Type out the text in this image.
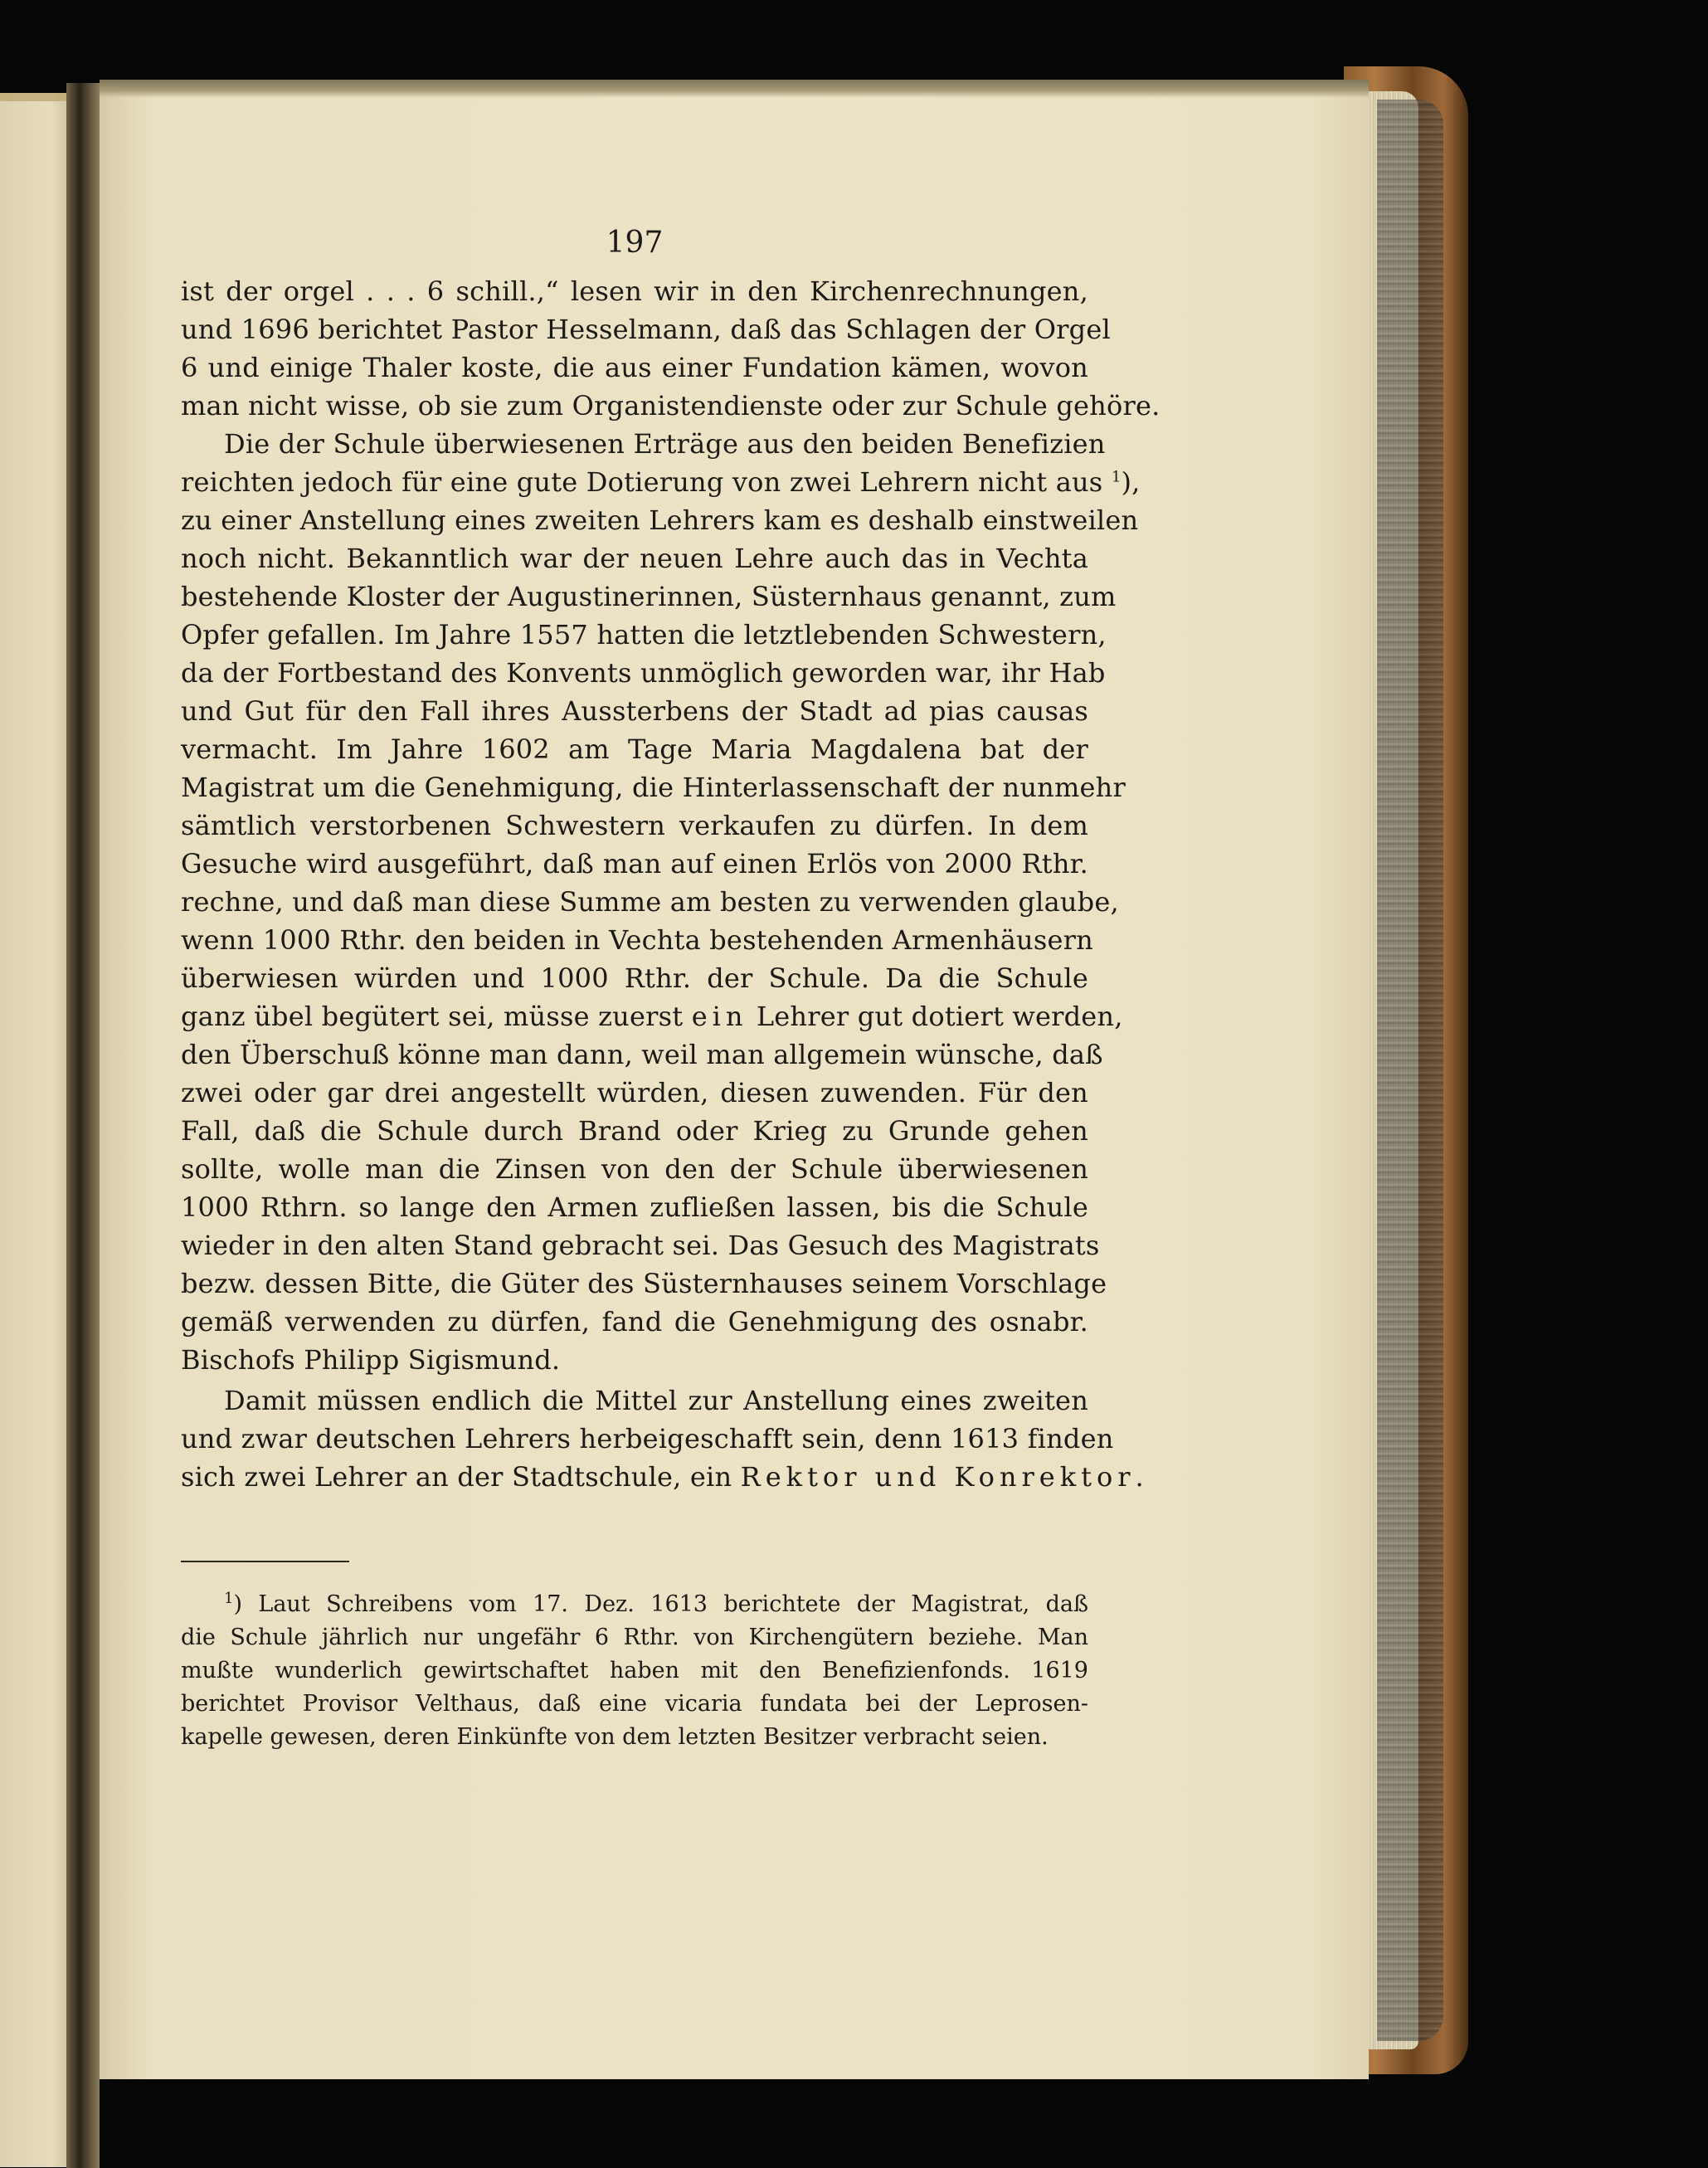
197
ist der orgel . . . 6 schill.,“ lesen wir in den Kirchenrechnungen,
und 1696 berichtet Pastor Hesselmann, daß das Schlagen der Orgel
6 und einige Thaler koste, die aus einer Fundation kämen, wovon
man nicht wisse, ob sie zum Organistendienste oder zur Schule gehöre.
Die der Schule überwiesenen Erträge aus den beiden Benefizien
reichten jedoch für eine gute Dotierung von zwei Lehrern nicht aus $^1$),
zu einer Anstellung eines zweiten Lehrers kam es deshalb einstweilen
noch nicht. Bekanntlich war der neuen Lehre auch das in Vechta
bestehende Kloster der Augustinerinnen, Süsternhaus genannt, zum
Opfer gefallen. Im Jahre 1557 hatten die letztlebenden Schwestern,
da der Fortbestand des Konvents unmöglich geworden war, ihr Hab
und Gut für den Fall ihres Aussterbens der Stadt ad pias causas
vermacht. Im Jahre 1602 am Tage Maria Magdalena bat der
Magistrat um die Genehmigung, die Hinterlassenschaft der nunmehr
sämtlich verstorbenen Schwestern verkaufen zu dürfen. In dem
Gesuche wird ausgeführt, daß man auf einen Erlös von 2000 Rthr.
rechne, und daß man diese Summe am besten zu verwenden glaube,
wenn 1000 Rthr. den beiden in Vechta bestehenden Armenhäusern
überwiesen würden und 1000 Rthr. der Schule. Da die Schule
ganz übel begütert sei, müsse zuerst ein Lehrer gut dotiert werden,
den Überschuß könne man dann, weil man allgemein wünsche, daß
zwei oder gar drei angestellt würden, diesen zuwenden. Für den
Fall, daß die Schule durch Brand oder Krieg zu Grunde gehen
sollte, wolle man die Zinsen von den der Schule überwiesenen
1000 Rthrn. so lange den Armen zufließen lassen, bis die Schule
wieder in den alten Stand gebracht sei. Das Gesuch des Magistrats
bezw. dessen Bitte, die Güter des Süsternhauses seinem Vorschlage
gemäß verwenden zu dürfen, fand die Genehmigung des osnabr.
Bischofs Philipp Sigismund.
Damit müssen endlich die Mittel zur Anstellung eines zweiten
und zwar deutschen Lehrers herbeigeschafft sein, denn 1613 finden
sich zwei Lehrer an der Stadtschule, ein Rektor und Konrektor.
$^1$) Laut Schreibens vom 17. Dez. 1613 berichtete der Magistrat, daß
die Schule jährlich nur ungefähr 6 Rthr. von Kirchengütern beziehe. Man
mußte wunderlich gewirtschaftet haben mit den Benefizienfonds. 1619
berichtet Provisor Velthaus, daß eine vicaria fundata bei der Leprosen-
kapelle gewesen, deren Einkünfte von dem letzten Besitzer verbracht seien.
